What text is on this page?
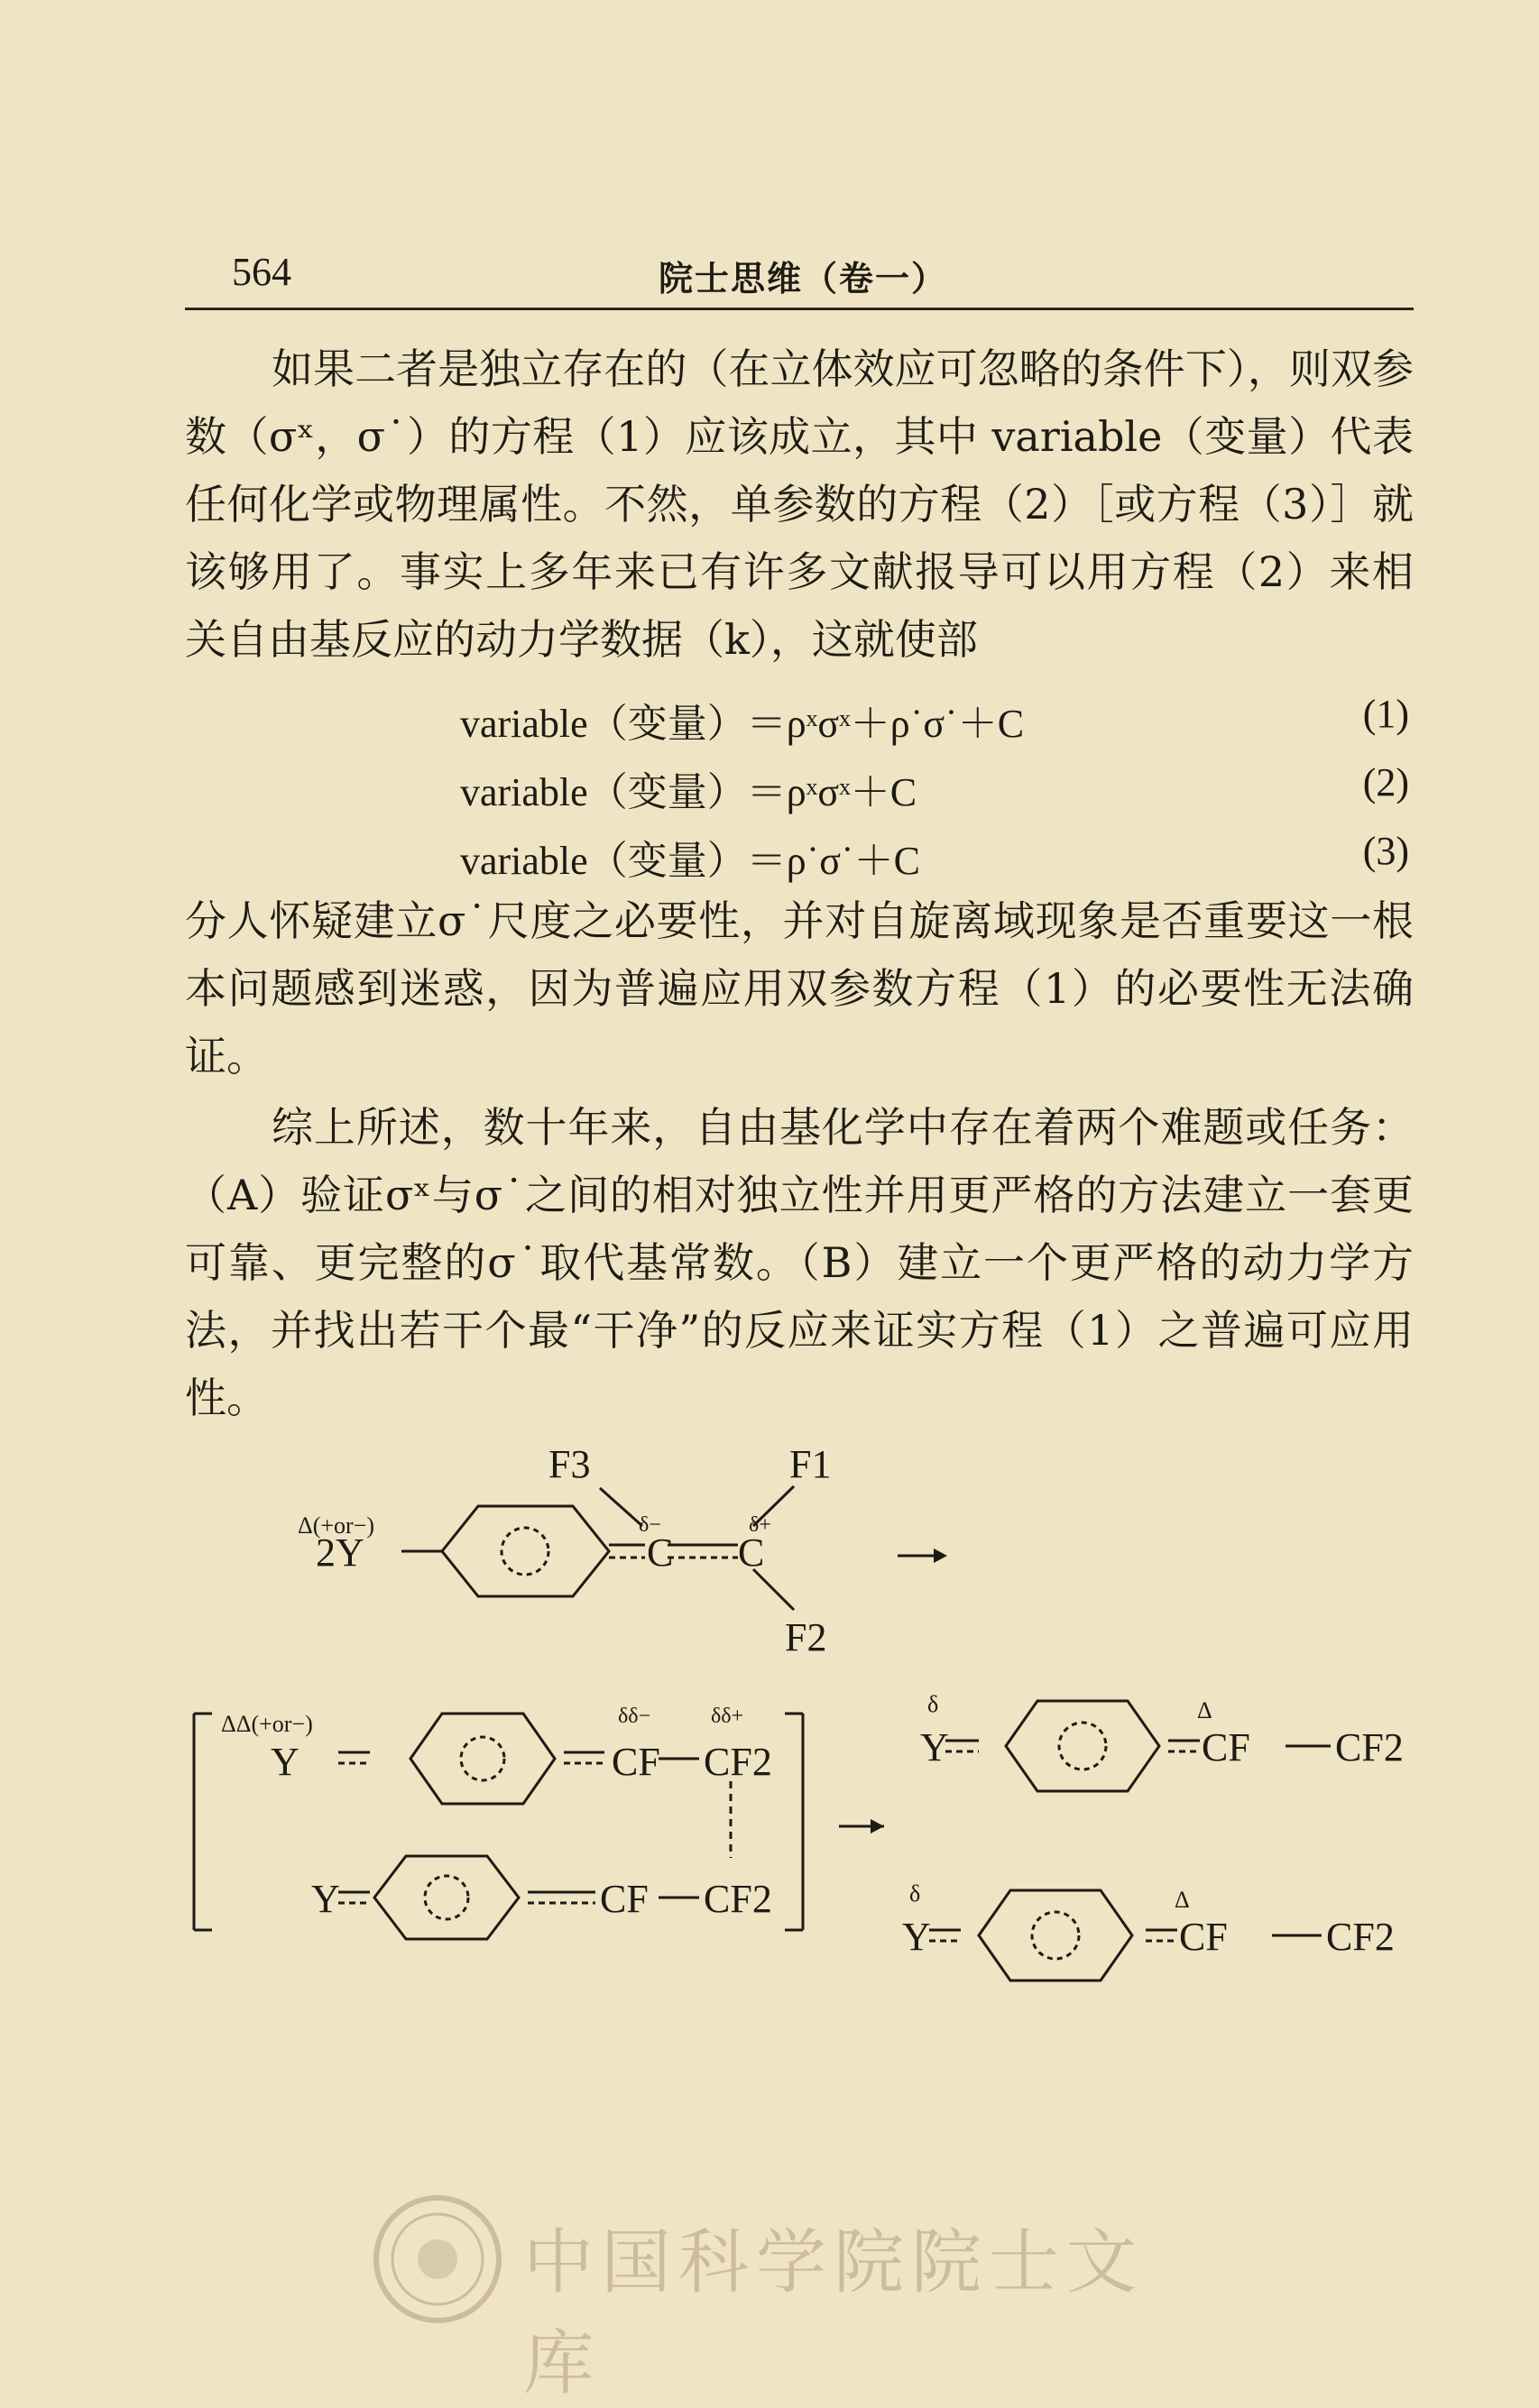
564	院士思维（卷一）

如果二者是独立存在的（在立体效应可忽略的条件下），则双参数（σˣ，σ˙）的方程（1）应该成立，其中 variable（变量）代表任何化学或物理属性。不然，单参数的方程（2）［或方程（3）］就该够用了。事实上多年来已有许多文献报导可以用方程（2）来相关自由基反应的动力学数据（k），这就使部

variable（变量）＝ρˣσˣ＋ρ˙σ˙＋C	(1)
variable（变量）＝ρˣσˣ＋C	(2)
variable（变量）＝ρ˙σ˙＋C	(3)

分人怀疑建立σ˙尺度之必要性，并对自旋离域现象是否重要这一根本问题感到迷惑，因为普遍应用双参数方程（1）的必要性无法确证。

综上所述，数十年来，自由基化学中存在着两个难题或任务：（A）验证σˣ与σ˙之间的相对独立性并用更严格的方法建立一套更可靠、更完整的σ˙取代基常数。（B）建立一个更严格的动力学方法，并找出若干个最“干净”的反应来证实方程（1）之普遍可应用性。

Δ(+or−)
2Y
F3	F1
F2
δ−	δ+
C C
ΔΔ(+or−)
Y	CF CF2
δδ−	δδ+
Y	CF CF2
δ
Y
Δ
CF CF2
δ
Y
Δ
CF CF2
中国科学院院士文库
